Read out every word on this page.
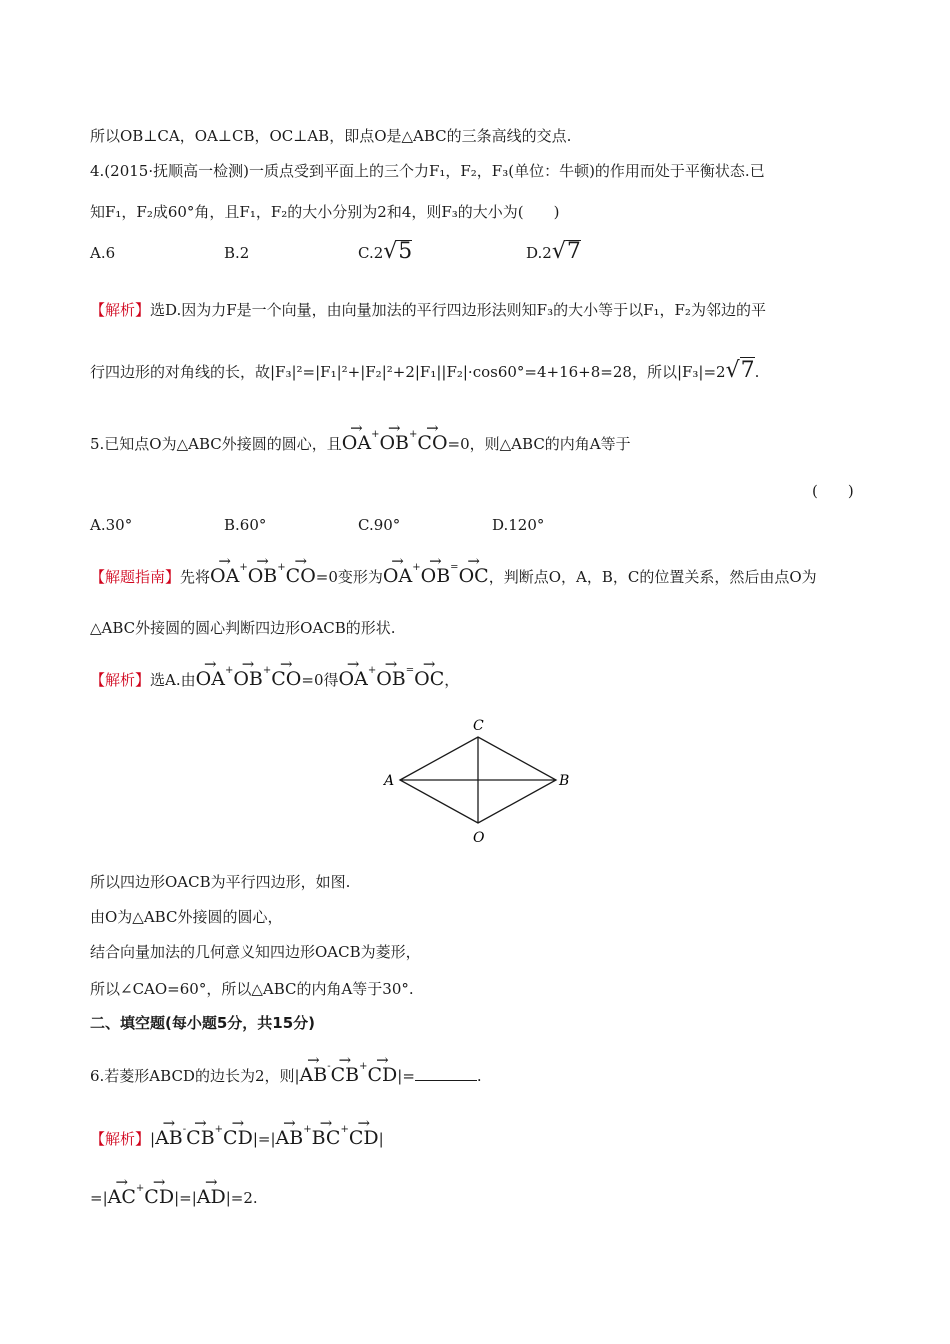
所以OB⊥CA，OA⊥CB，OC⊥AB，即点O是△ABC的三条高线的交点.
4.(2015·抚顺高一检测)一质点受到平面上的三个力F₁，F₂，F₃(单位：牛顿)的作用而处于平衡状态.已
知F₁，F₂成60°角，且F₁，F₂的大小分别为2和4，则F₃的大小为(　　)
A.6	B.2	C.2√5	D.2√7
【解析】选D.因为力F是一个向量，由向量加法的平行四边形法则知F₃的大小等于以F₁，F₂为邻边的平
行四边形的对角线的长，故|F₃|²=|F₁|²+|F₂|²+2|F₁||F₂|·cos60°=4+16+8=28，所以|F₃|=2√7.
5.已知点O为△ABC外接圆的圆心，且→ OA+→ OB+→ CO=0，则△ABC的内角A等于
(　　)
A.30°	B.60°	C.90°	D.120°
【解题指南】先将→ OA+→ OB+→ CO=0变形为→ OA+→ OB=→ OC，判断点O，A，B，C的位置关系，然后由点O为
△ABC外接圆的圆心判断四边形OACB的形状.
【解析】选A.由→ OA+→ OB+→ CO=0得→ OA+→ OB=→ OC，
C
A	B
O
所以四边形OACB为平行四边形，如图.
由O为△ABC外接圆的圆心，
结合向量加法的几何意义知四边形OACB为菱形，
所以∠CAO=60°，所以△ABC的内角A等于30°.
二、填空题(每小题5分，共15分)
6.若菱形ABCD的边长为2，则|→ AB-→ CB+→ CD|=	.
【解析】|→ AB-→ CB+→ CD|=|→ AB+→ BC+→ CD|
=|→ AC+→ CD|=|→ AD|=2.
